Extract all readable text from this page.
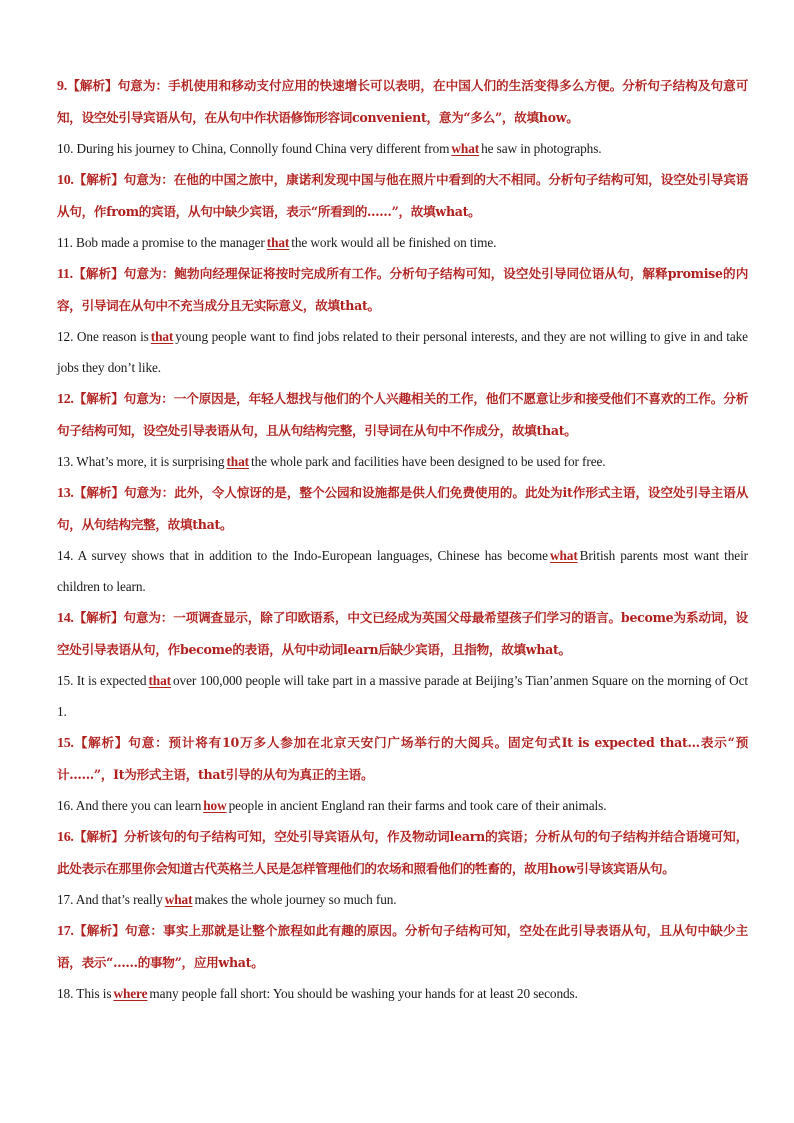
9.【解析】句意为：手机使用和移动支付应用的快速增长可以表明，在中国人们的生活变得多么方便。分析句子结构及句意可知，设空处引导宾语从句，在从句中作状语修饰形容词convenient，意为“多么”，故填how。

10. During his journey to China, Connolly found China very different from what he saw in photographs.

10.【解析】句意为：在他的中国之旅中，康诺利发现中国与他在照片中看到的大不相同。分析句子结构可知，设空处引导宾语从句，作from的宾语，从句中缺少宾语，表示“所看到的……”，故填what。

11. Bob made a promise to the manager that the work would all be finished on time.

11.【解析】句意为：鲍勃向经理保证将按时完成所有工作。分析句子结构可知，设空处引导同位语从句，解释promise的内容，引导词在从句中不充当成分且无实际意义，故填that。

12. One reason is that young people want to find jobs related to their personal interests, and they are not willing to give in and take jobs they don’t like.

12.【解析】句意为：一个原因是，年轻人想找与他们的个人兴趣相关的工作，他们不愿意让步和接受他们不喜欢的工作。分析句子结构可知，设空处引导表语从句，且从句结构完整，引导词在从句中不作成分，故填that。

13. What’s more, it is surprising that the whole park and facilities have been designed to be used for free.

13.【解析】句意为：此外，令人惊讶的是，整个公园和设施都是供人们免费使用的。此处为it作形式主语，设空处引导主语从句，从句结构完整，故填that。

14. A survey shows that in addition to the Indo-European languages, Chinese has become what British parents most want their children to learn.

14.【解析】句意为：一项调查显示，除了印欧语系，中文已经成为英国父母最希望孩子们学习的语言。become为系动词，设空处引导表语从句，作become的表语，从句中动词learn后缺少宾语，且指物，故填what。

15. It is expected that over 100,000 people will take part in a massive parade at Beijing’s Tian’anmen Square on the morning of Oct 1.

15.【解析】句意：预计将有10万多人参加在北京天安门广场举行的大阅兵。固定句式It is expected that...表示“预计……”，It为形式主语，that引导的从句为真正的主语。

16. And there you can learn how people in ancient England ran their farms and took care of their animals.

16.【解析】分析该句的句子结构可知，空处引导宾语从句，作及物动词learn的宾语；分析从句的句子结构并结合语境可知，此处表示在那里你会知道古代英格兰人民是怎样管理他们的农场和照看他们的牲畜的，故用how引导该宾语从句。

17. And that’s really what makes the whole journey so much fun.

17.【解析】句意：事实上那就是让整个旅程如此有趣的原因。分析句子结构可知，空处在此引导表语从句，且从句中缺少主语，表示“……的事物”，应用what。

18. This is where many people fall short: You should be washing your hands for at least 20 seconds.
